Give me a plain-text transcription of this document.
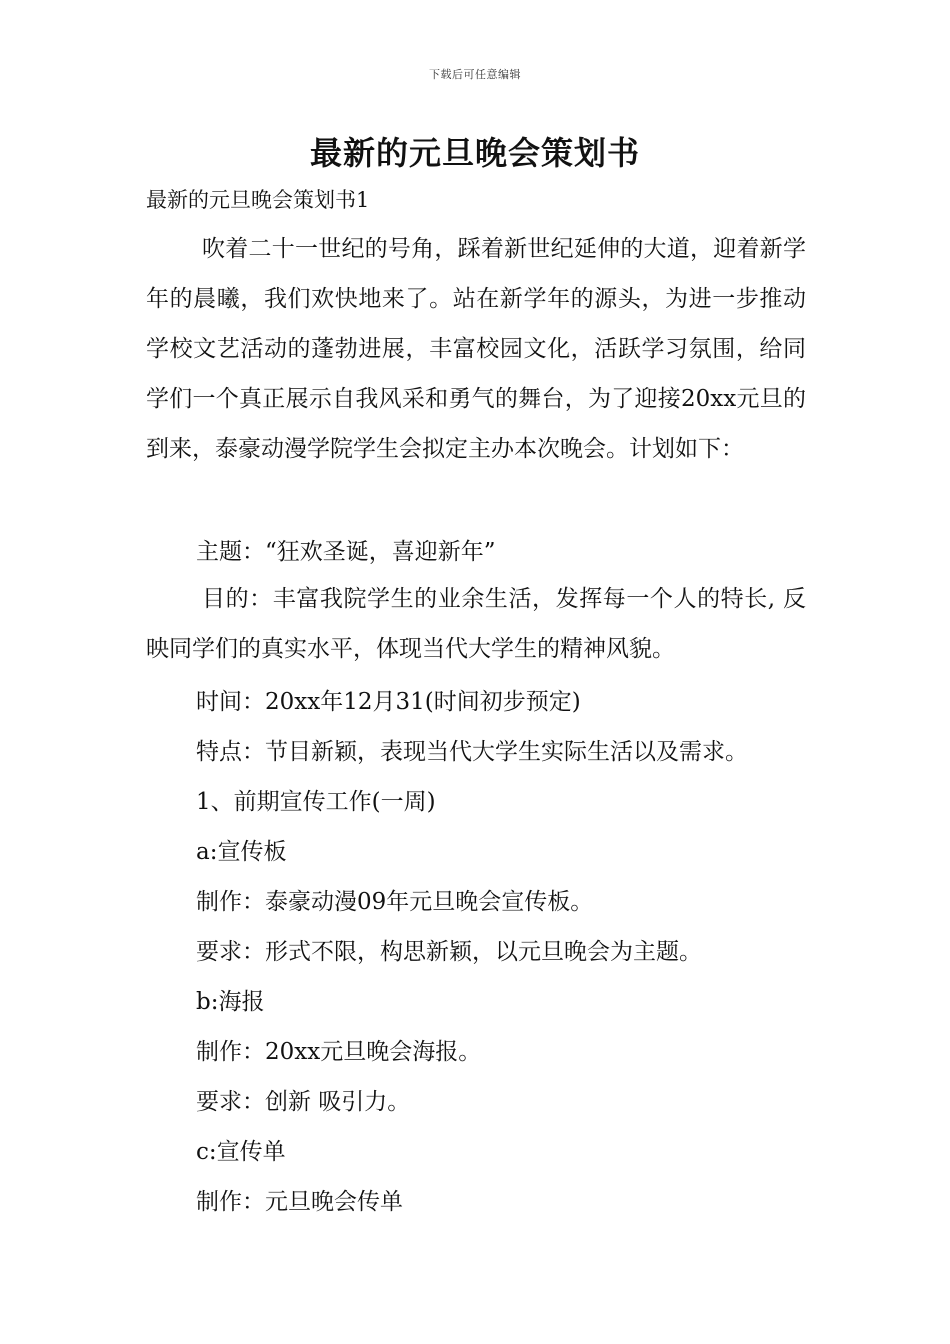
下载后可任意编辑
最新的元旦晚会策划书

最新的元旦晚会策划书1

吹着二十一世纪的号角，踩着新世纪延伸的大道，迎着新学年的晨曦，我们欢快地来了。站在新学年的源头，为进一步推动学校文艺活动的蓬勃进展，丰富校园文化，活跃学习氛围，给同学们一个真正展示自我风采和勇气的舞台，为了迎接20xx元旦的到来，泰豪动漫学院学生会拟定主办本次晚会。计划如下：

主题：“狂欢圣诞，喜迎新年”

目的：丰富我院学生的业余生活，发挥每一个人的特长, 反映同学们的真实水平，体现当代大学生的精神风貌。

时间：20xx年12月31(时间初步预定)

特点：节目新颖，表现当代大学生实际生活以及需求。

1、前期宣传工作(一周)

a:宣传板

制作：泰豪动漫09年元旦晚会宣传板。

要求：形式不限，构思新颖，以元旦晚会为主题。

b:海报

制作：20xx元旦晚会海报。

要求：创新 吸引力。

c:宣传单

制作：元旦晚会传单
